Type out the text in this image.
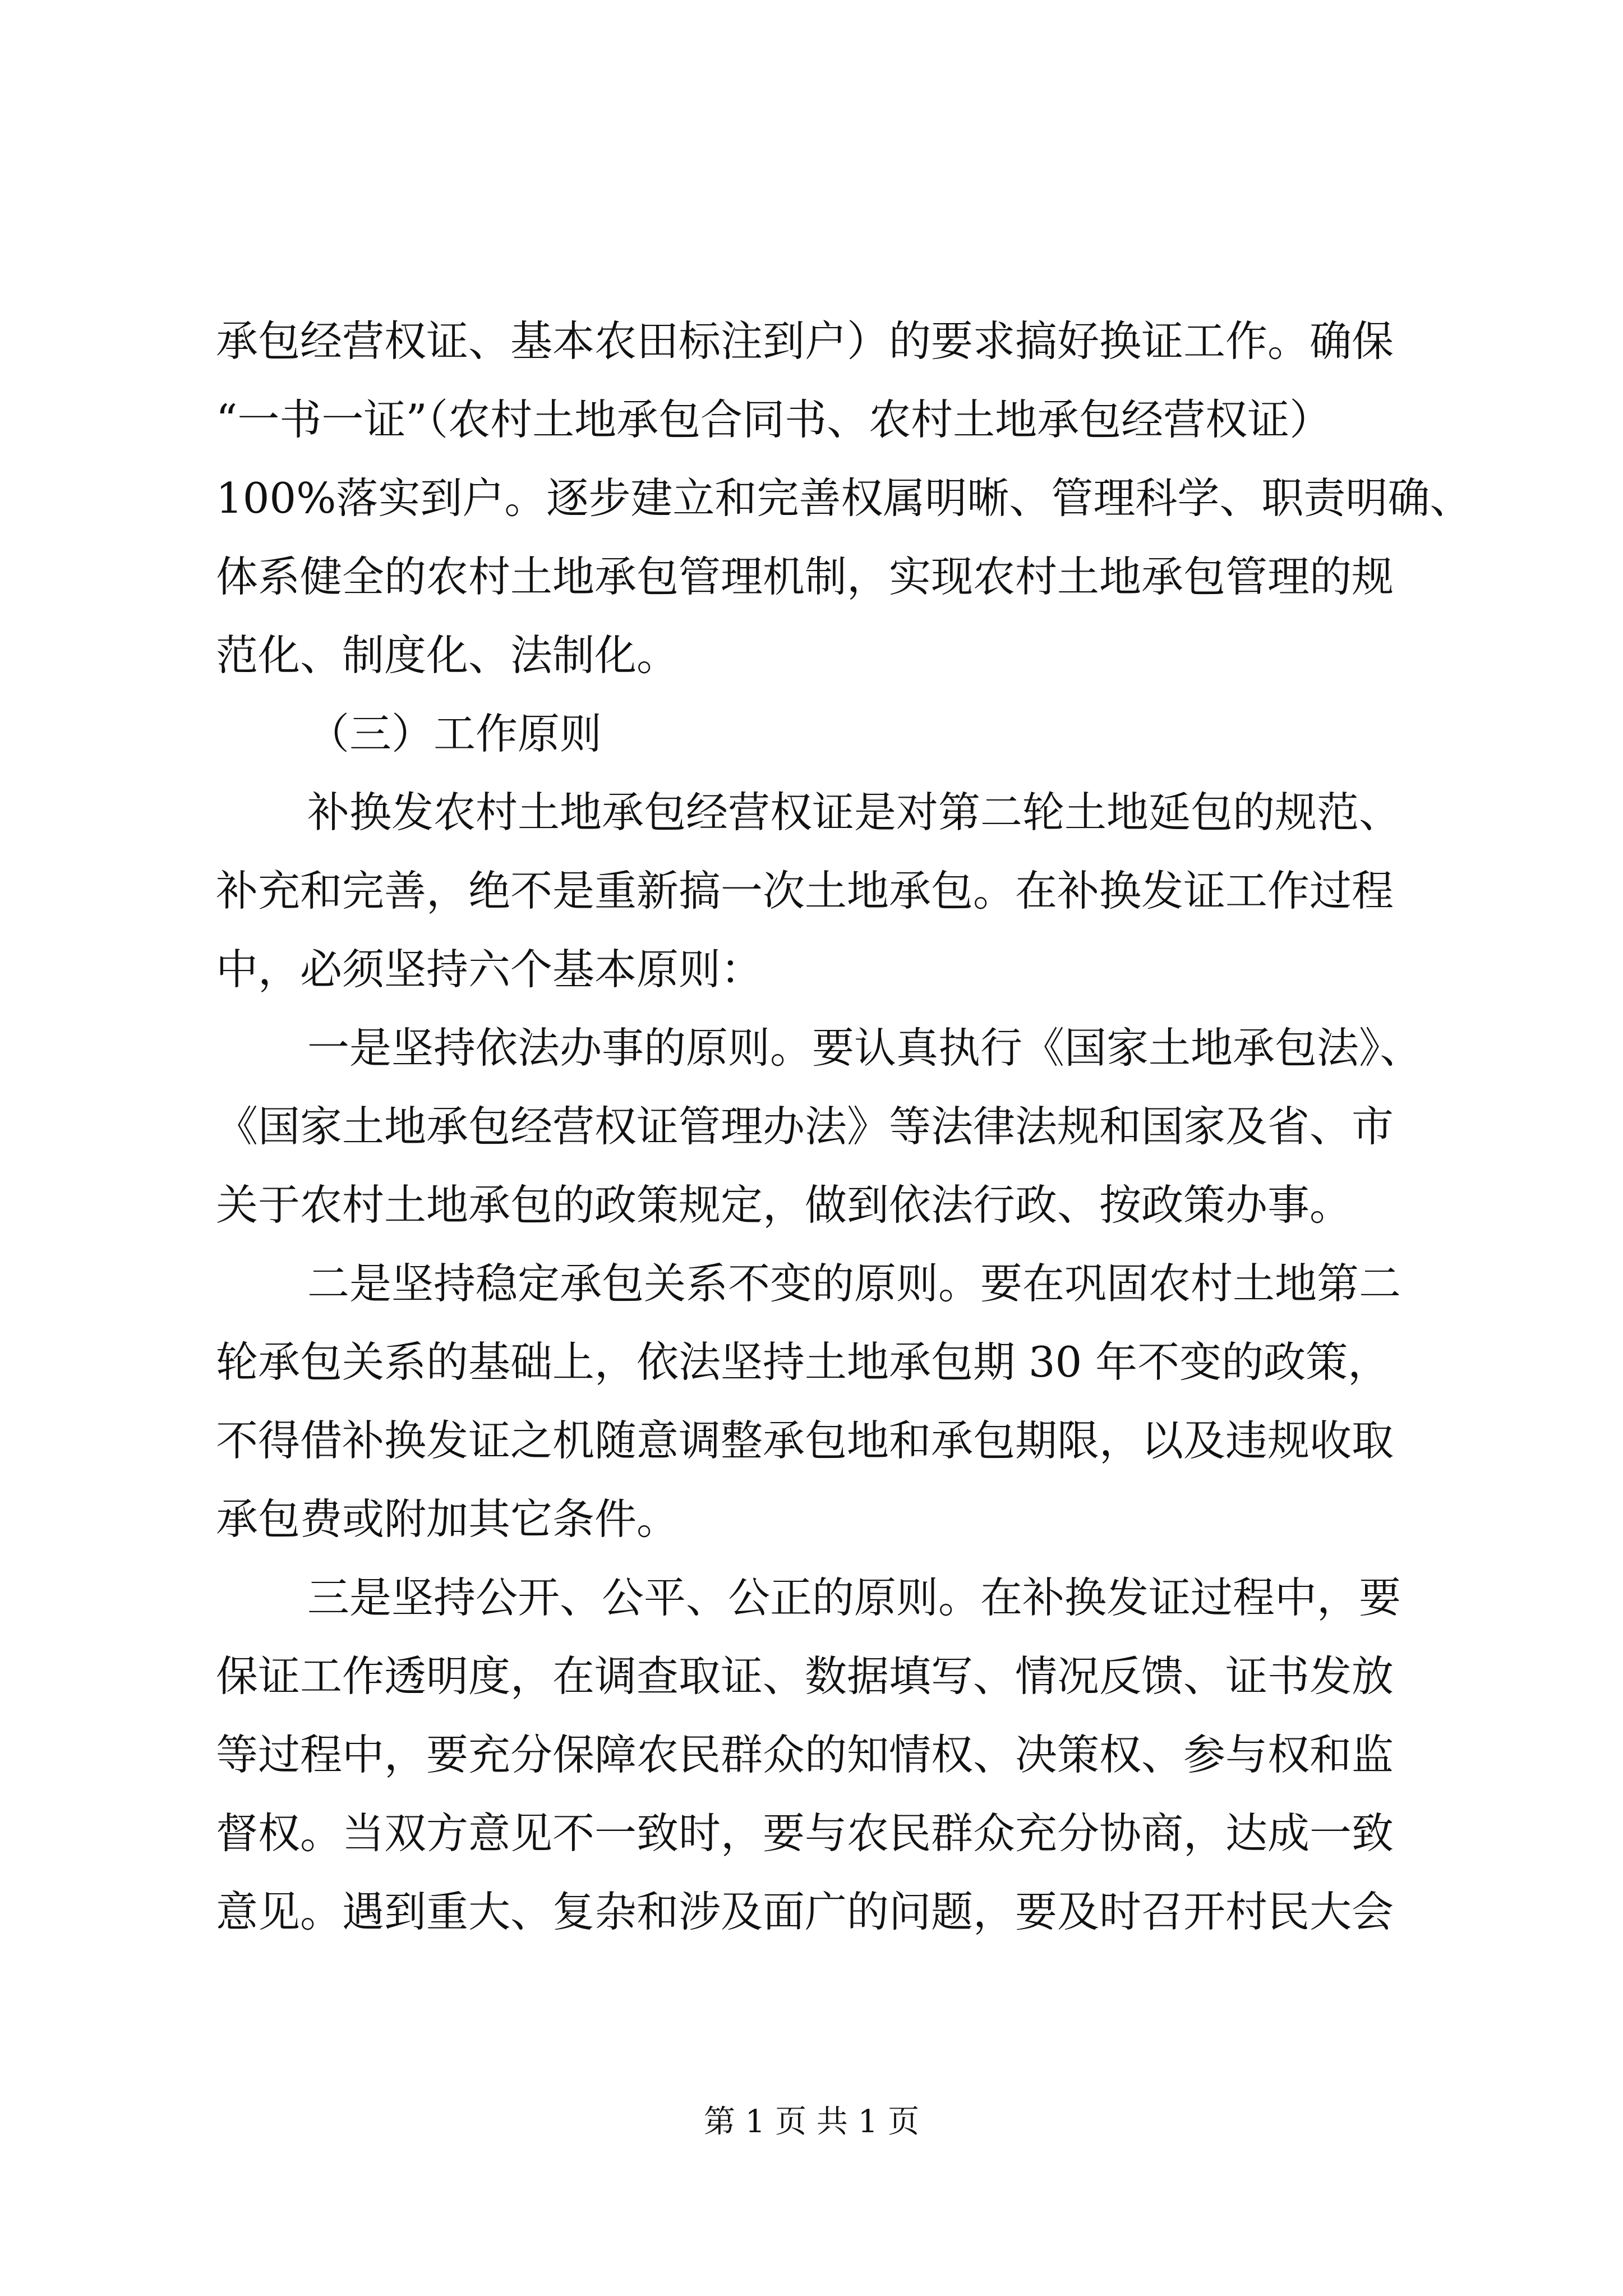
承包经营权证、基本农田标注到户）的要求搞好换证工作。确保
“一书一证”（农村土地承包合同书、农村土地承包经营权证）
100%落实到户。逐步建立和完善权属明晰、管理科学、职责明确、
体系健全的农村土地承包管理机制，实现农村土地承包管理的规
范化、制度化、法制化。
（三）工作原则
补换发农村土地承包经营权证是对第二轮土地延包的规范、
补充和完善，绝不是重新搞一次土地承包。在补换发证工作过程
中，必须坚持六个基本原则：
一是坚持依法办事的原则。要认真执行《国家土地承包法》、
《国家土地承包经营权证管理办法》等法律法规和国家及省、市
关于农村土地承包的政策规定，做到依法行政、按政策办事。
二是坚持稳定承包关系不变的原则。要在巩固农村土地第二
轮承包关系的基础上，依法坚持土地承包期 30 年不变的政策，
不得借补换发证之机随意调整承包地和承包期限，以及违规收取
承包费或附加其它条件。
三是坚持公开、公平、公正的原则。在补换发证过程中，要
保证工作透明度，在调查取证、数据填写、情况反馈、证书发放
等过程中，要充分保障农民群众的知情权、决策权、参与权和监
督权。当双方意见不一致时，要与农民群众充分协商，达成一致
意见。遇到重大、复杂和涉及面广的问题，要及时召开村民大会
第 1 页 共 1 页
